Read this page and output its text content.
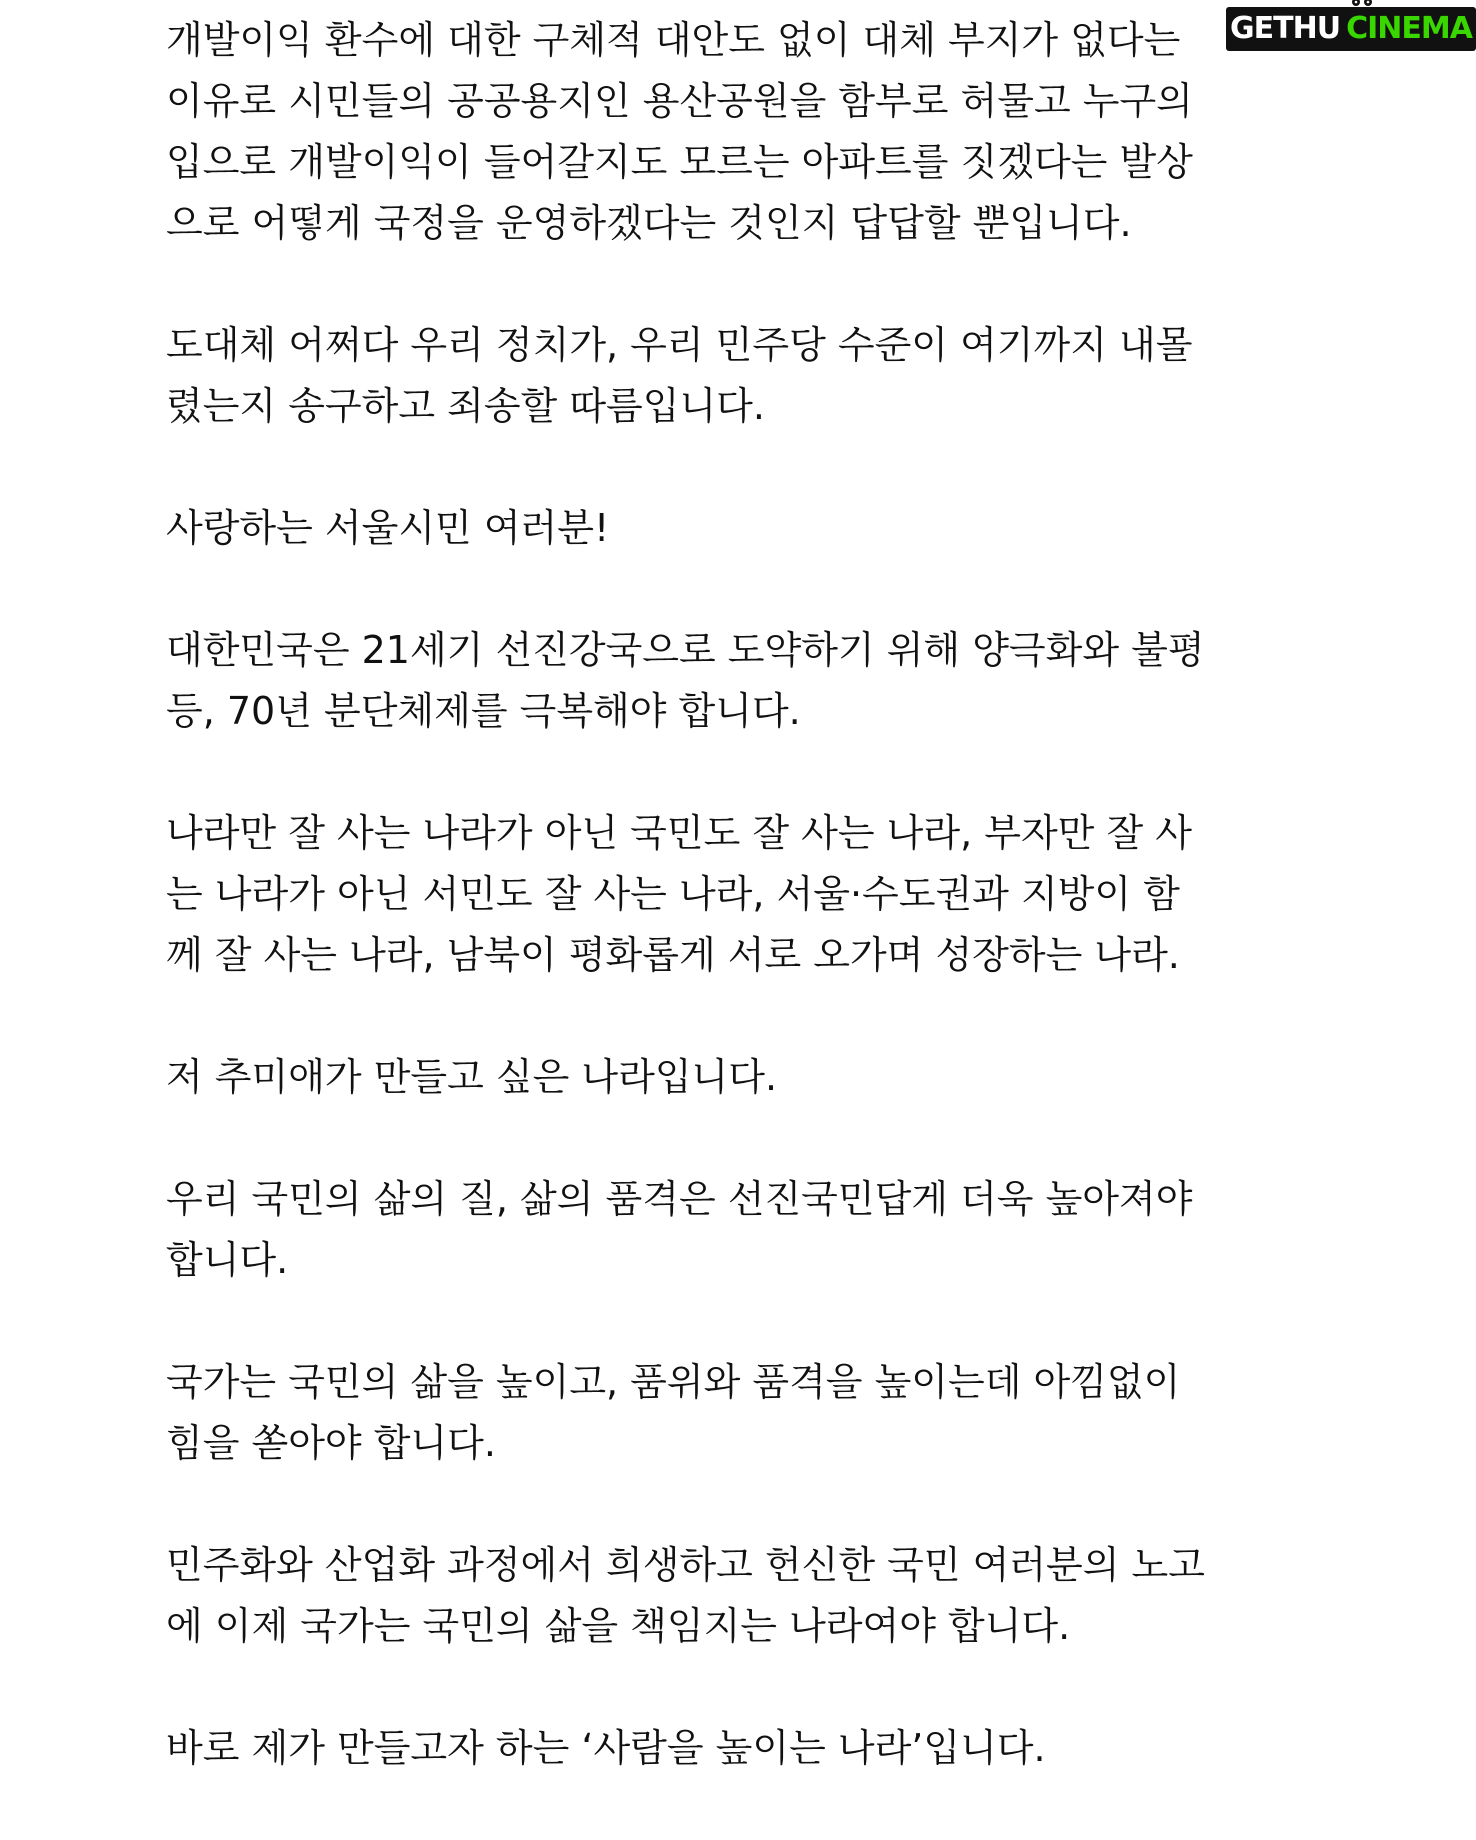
개발이익 환수에 대한 구체적 대안도 없이 대체 부지가 없다는
이유로 시민들의 공공용지인 용산공원을 함부로 허물고 누구의
입으로 개발이익이 들어갈지도 모르는 아파트를 짓겠다는 발상
으로 어떻게 국정을 운영하겠다는 것인지 답답할 뿐입니다.
도대체 어쩌다 우리 정치가, 우리 민주당 수준이 여기까지 내몰
렸는지 송구하고 죄송할 따름입니다.
사랑하는 서울시민 여러분!
대한민국은 21세기 선진강국으로 도약하기 위해 양극화와 불평
등, 70년 분단체제를 극복해야 합니다.
나라만 잘 사는 나라가 아닌 국민도 잘 사는 나라, 부자만 잘 사
는 나라가 아닌 서민도 잘 사는 나라, 서울·수도권과 지방이 함
께 잘 사는 나라, 남북이 평화롭게 서로 오가며 성장하는 나라.
저 추미애가 만들고 싶은 나라입니다.
우리 국민의 삶의 질, 삶의 품격은 선진국민답게 더욱 높아져야
합니다.
국가는 국민의 삶을 높이고, 품위와 품격을 높이는데 아낌없이
힘을 쏟아야 합니다.
민주화와 산업화 과정에서 희생하고 헌신한 국민 여러분의 노고
에 이제 국가는 국민의 삶을 책임지는 나라여야 합니다.
바로 제가 만들고자 하는 ‘사람을 높이는 나라’입니다.
GETHU CINEMA
